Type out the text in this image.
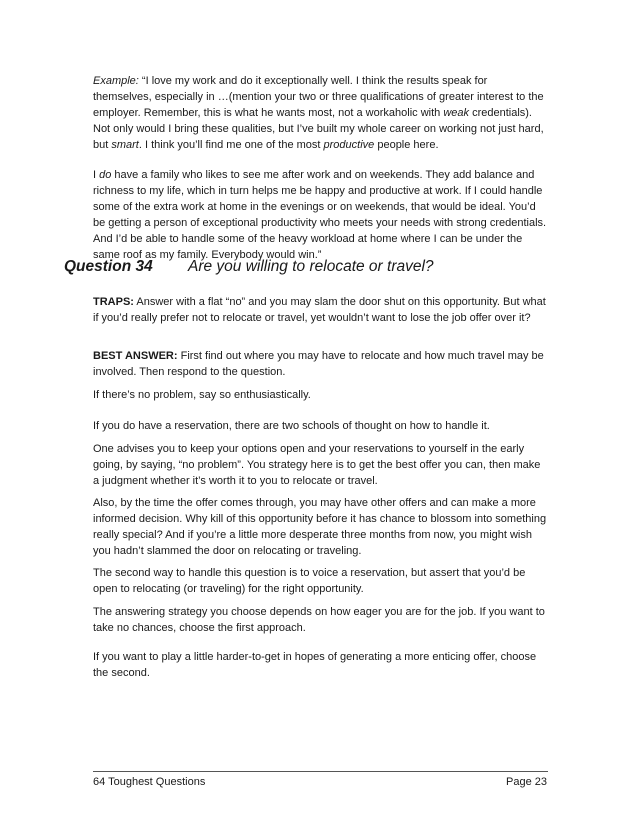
Example: “I love my work and do it exceptionally well. I think the results speak for themselves, especially in …(mention your two or three qualifications of greater interest to the employer. Remember, this is what he wants most, not a workaholic with weak credentials). Not only would I bring these qualities, but I’ve built my whole career on working not just hard, but smart. I think you’ll find me one of the most productive people here.

I do have a family who likes to see me after work and on weekends. They add balance and richness to my life, which in turn helps me be happy and productive at work. If I could handle some of the extra work at home in the evenings or on weekends, that would be ideal. You’d be getting a person of exceptional productivity who meets your needs with strong credentials. And I’d be able to handle some of the heavy workload at home where I can be under the same roof as my family. Everybody would win.”

Question 34 Are you willing to relocate or travel?

TRAPS: Answer with a flat “no” and you may slam the door shut on this opportunity. But what if you’d really prefer not to relocate or travel, yet wouldn’t want to lose the job offer over it?

BEST ANSWER: First find out where you may have to relocate and how much travel may be involved. Then respond to the question.

If there’s no problem, say so enthusiastically.

If you do have a reservation, there are two schools of thought on how to handle it.

One advises you to keep your options open and your reservations to yourself in the early going, by saying, “no problem”. You strategy here is to get the best offer you can, then make a judgment whether it’s worth it to you to relocate or travel.

Also, by the time the offer comes through, you may have other offers and can make a more informed decision. Why kill of this opportunity before it has chance to blossom into something really special? And if you’re a little more desperate three months from now, you might wish you hadn’t slammed the door on relocating or traveling.

The second way to handle this question is to voice a reservation, but assert that you’d be open to relocating (or traveling) for the right opportunity.

The answering strategy you choose depends on how eager you are for the job. If you want to take no chances, choose the first approach.

If you want to play a little harder-to-get in hopes of generating a more enticing offer, choose the second.

64 Toughest Questions	Page 23
